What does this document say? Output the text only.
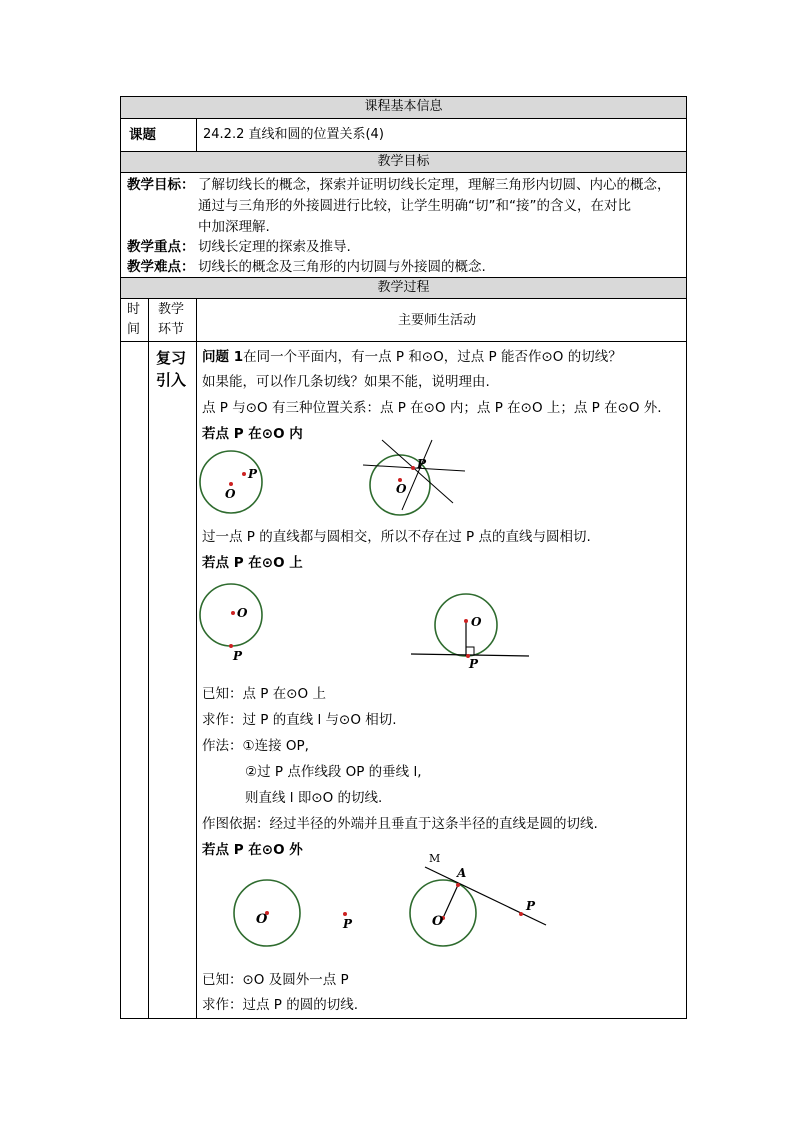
课程基本信息
教学目标
教学过程
课题	24.2.2 直线和圆的位置关系(4)
教学目标： 了解切线长的概念，探索并证明切线长定理，理解三角形内切圆、内心的概念，
通过与三角形的外接圆进行比较，让学生明确“切”和“接”的含义，在对比
中加深理解.
教学重点： 切线长定理的探索及推导.
教学难点： 切线长的概念及三角形的内切圆与外接圆的概念.
时
间
教学
环节
主要师生活动
复习
引入
问题 1在同一个平面内，有一点 P 和⊙O，过点 P 能否作⊙O 的切线？
如果能，可以作几条切线？如果不能，说明理由.
点 P 与⊙O 有三种位置关系：点 P 在⊙O 内；点 P 在⊙O 上；点 P 在⊙O 外.
若点 P 在⊙O 内
O
P
O
P
过一点 P 的直线都与圆相交，所以不存在过 P 点的直线与圆相切.
若点 P 在⊙O 上
O
P
O
P
已知：点 P 在⊙O 上
求作：过 P 的直线 l 与⊙O 相切.
作法：①连接 OP,
②过 P 点作线段 OP 的垂线 l,
则直线 l 即⊙O 的切线.
作图依据：经过半径的外端并且垂直于这条半径的直线是圆的切线.
若点 P 在⊙O 外
O	P
M
O
A
P
已知：⊙O 及圆外一点 P
求作：过点 P 的圆的切线.
